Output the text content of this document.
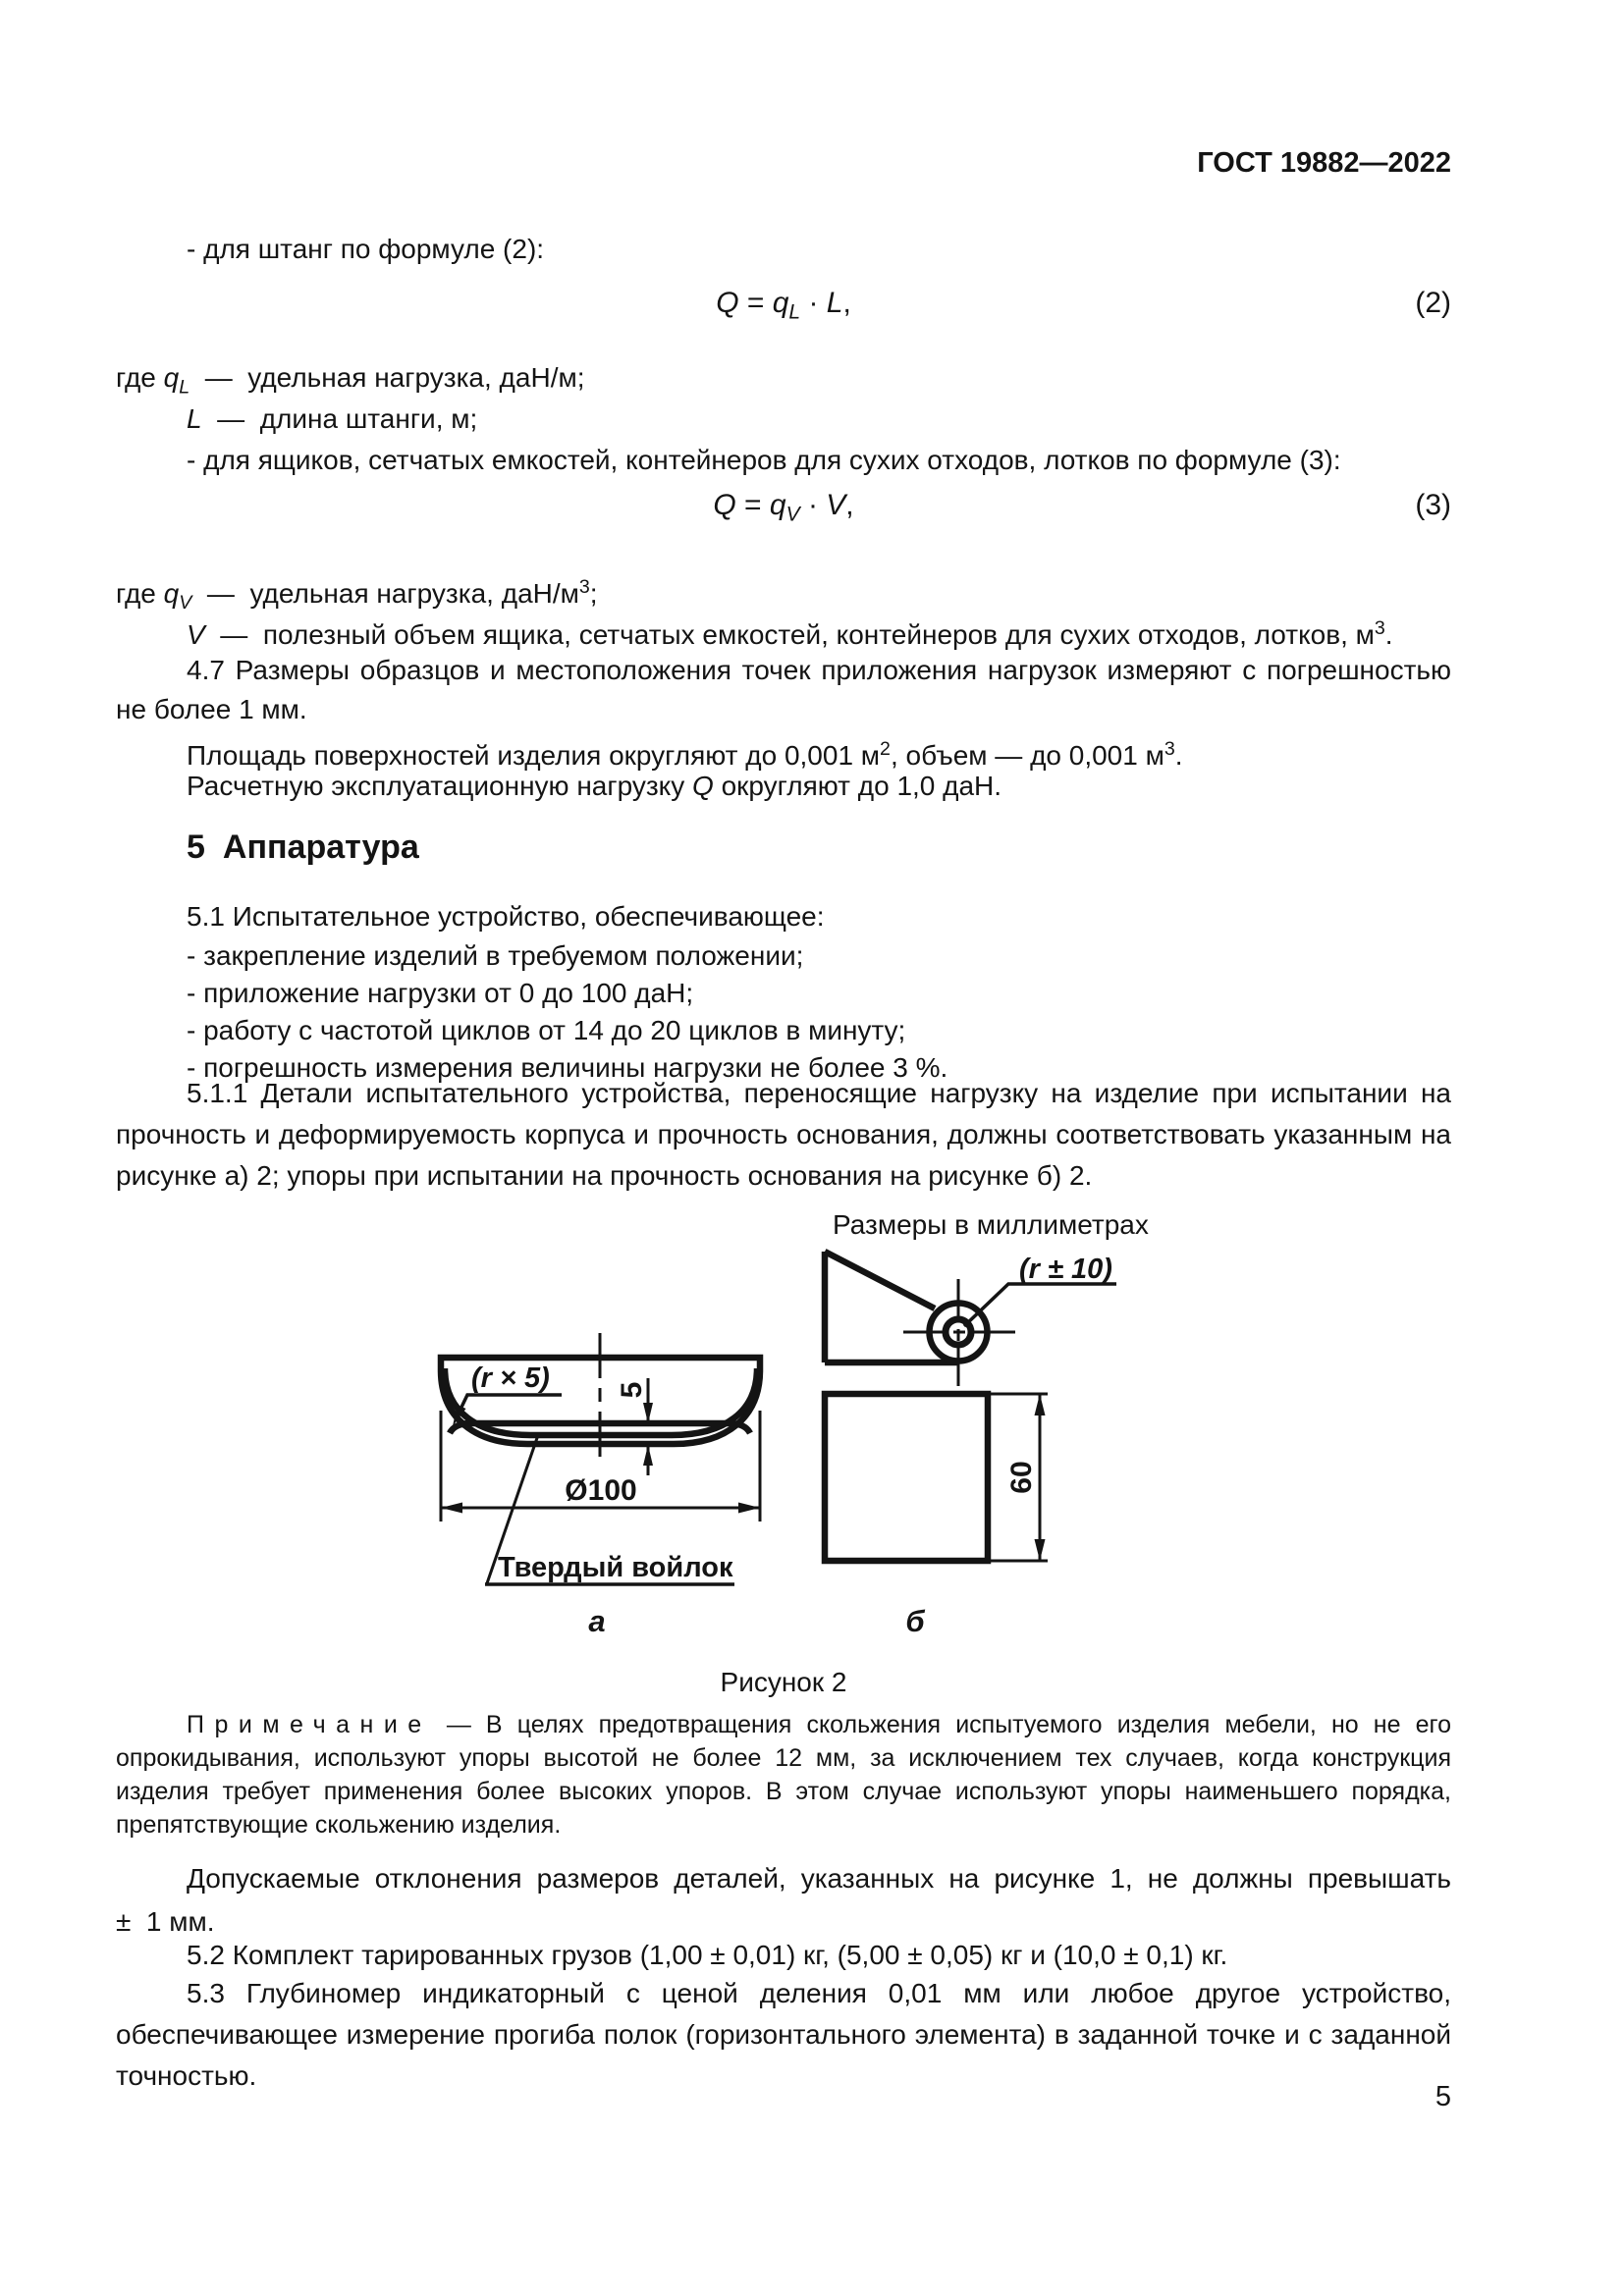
ГОСТ 19882—2022
- для штанг по формуле (2):
$Q = q_L \cdot L$,	(2)
где $q_L$  —  удельная нагрузка, даН/м;
L  —  длина штанги, м;
- для ящиков, сетчатых емкостей, контейнеров для сухих отходов, лотков по формуле (3):
$Q = q_V \cdot V$,	(3)
где $q_V$  —  удельная нагрузка, даН/$м^3$;
V  —  полезный объем ящика, сетчатых емкостей, контейнеров для сухих отходов, лотков, $м^3$.
4.7 Размеры образцов и местоположения точек приложения нагрузок измеряют с погрешностью
не более 1 мм.
Площадь поверхностей изделия округляют до 0,001 $м^2$, объем — до 0,001 $м^3$.
Расчетную эксплуатационную нагрузку Q округляют до 1,0 даН.
5 Аппаратура
5.1 Испытательное устройство, обеспечивающее:
- закрепление изделий в требуемом положении;
- приложение нагрузки от 0 до 100 даН;
- работу с частотой циклов от 14 до 20 циклов в минуту;
- погрешность измерения величины нагрузки не более 3 %.
5.1.1 Детали испытательного устройства, переносящие нагрузку на изделие при испытании на
прочность и деформируемость корпуса и прочность основания, должны соответствовать указанным на
рисунке а) 2; упоры при испытании на прочность основания на рисунке б) 2.
Размеры в миллиметрах
(r × 5) 5
Ø100
Твердый войлок
а
(r ± 10)
60
б
Рисунок 2
Примечание — В целях предотвращения скольжения испытуемого изделия мебели, но не его
опрокидывания, используют упоры высотой не более 12 мм, за исключением тех случаев, когда конструкция
изделия требует применения более высоких упоров. В этом случае используют упоры наименьшего порядка,
препятствующие скольжению изделия.
Допускаемые отклонения размеров деталей, указанных на рисунке 1, не должны превышать
±  1 мм.
5.2 Комплект тарированных грузов (1,00 ± 0,01) кг, (5,00 ± 0,05) кг и (10,0 ± 0,1) кг.
5.3 Глубиномер индикаторный с ценой деления 0,01 мм или любое другое устройство,
обеспечивающее измерение прогиба полок (горизонтального элемента) в заданной точке и с заданной
точностью.
5
